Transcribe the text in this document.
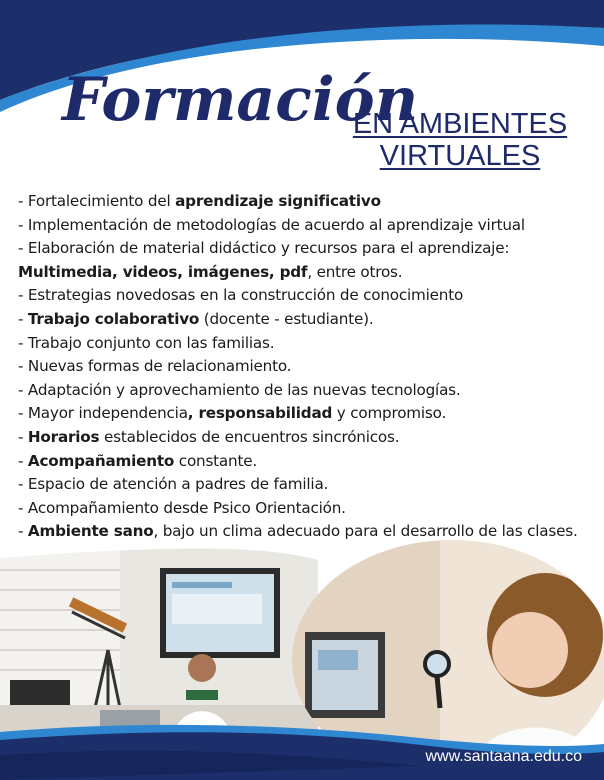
Formación
EN AMBIENTES
VIRTUALES
- Fortalecimiento del aprendizaje significativo
- Implementación de metodologías de acuerdo al aprendizaje virtual
- Elaboración de material didáctico y recursos para el aprendizaje:
Multimedia, videos, imágenes, pdf, entre otros.
- Estrategias novedosas en la construcción de conocimiento
- Trabajo colaborativo (docente - estudiante).
- Trabajo conjunto con las familias.
- Nuevas formas de relacionamiento.
- Adaptación y aprovechamiento de las nuevas tecnologías.
- Mayor independencia, responsabilidad y compromiso.
- Horarios establecidos de encuentros sincrónicos.
- Acompañamiento constante.
- Espacio de atención a padres de familia.
- Acompañamiento desde Psico Orientación.
- Ambiente sano, bajo un clima adecuado para el desarrollo de las clases.
www.santaana.edu.co
